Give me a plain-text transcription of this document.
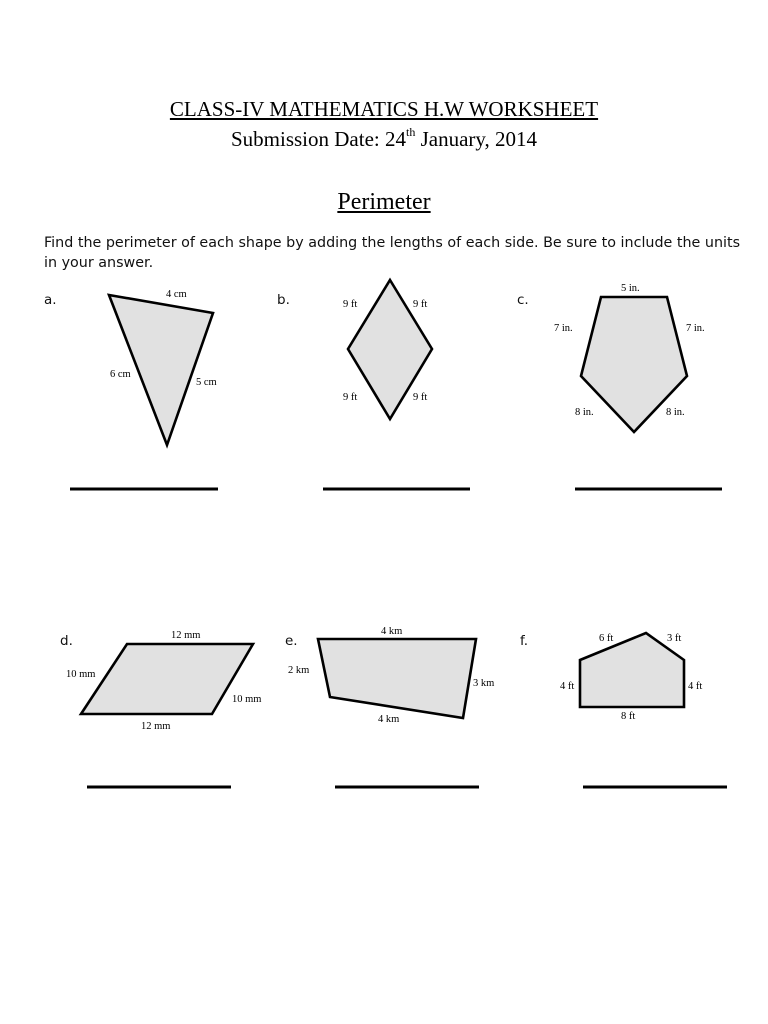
CLASS-IV MATHEMATICS H.W WORKSHEET
Submission Date: 24th January, 2014
Perimeter
Find the perimeter of each shape by adding the lengths of each side. Be sure to include the units in your answer.
a.	4 cm
6 cm
5 cm
b.	9 ft	9 ft
9 ft	9 ft
c.
5 in.
7 in.	7 in.
8 in.	8 in.
d.	12 mm
10 mm
10 mm
12 mm
e.
4 km
2 km
3 km
4 km
f.	6 ft	3 ft
4 ft	4 ft
8 ft
